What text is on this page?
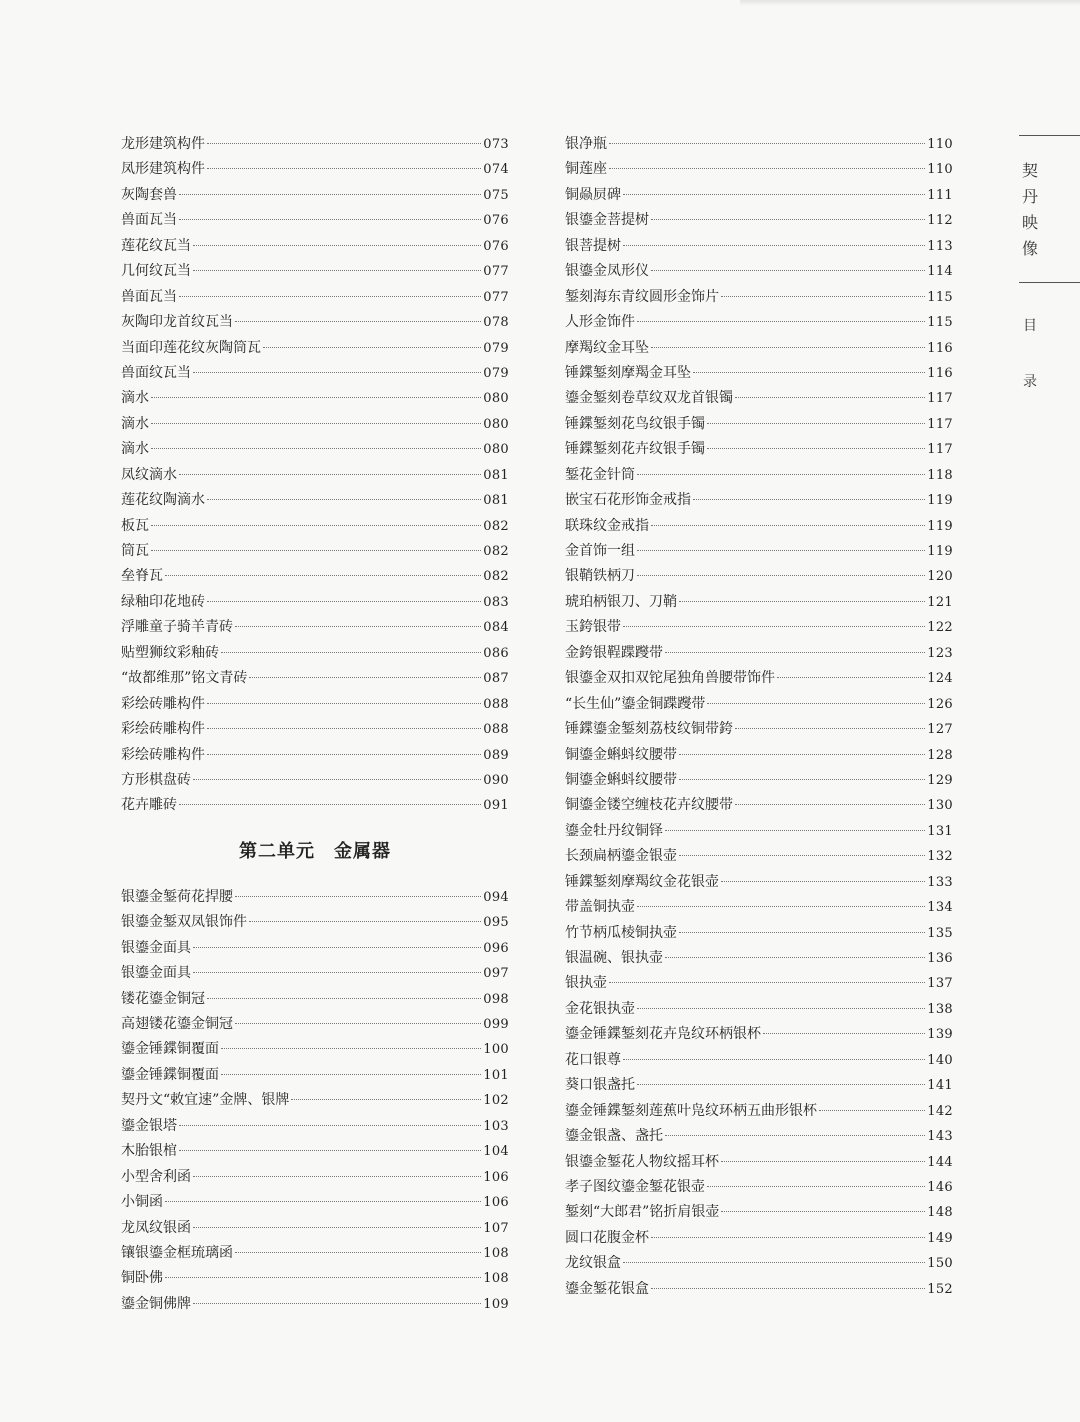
龙形建筑构件	073
凤形建筑构件	074
灰陶套兽	075
兽面瓦当	076
莲花纹瓦当	076
几何纹瓦当	077
兽面瓦当	077
灰陶印龙首纹瓦当	078
当面印莲花纹灰陶筒瓦	079
兽面纹瓦当	079
滴水	080
滴水	080
滴水	080
凤纹滴水	081
莲花纹陶滴水	081
板瓦	082
筒瓦	082
垒脊瓦	082
绿釉印花地砖	083
浮雕童子骑羊青砖	084
贴塑狮纹彩釉砖	086
“故都维那”铭文青砖	087
彩绘砖雕构件	088
彩绘砖雕构件	088
彩绘砖雕构件	089
方形棋盘砖	090
花卉雕砖	091
第二单元　金属器
银鎏金錾荷花捍腰	094
银鎏金錾双凤银饰件	095
银鎏金面具	096
银鎏金面具	097
镂花鎏金铜冠	098
高翅镂花鎏金铜冠	099
鎏金锤鍱铜覆面	100
鎏金锤鍱铜覆面	101
契丹文“敕宜速”金牌、银牌	102
鎏金银塔	103
木胎银棺	104
小型舍利函	106
小铜函	106
龙凤纹银函	107
镶银鎏金框琉璃函	108
铜卧佛	108
鎏金铜佛牌	109
银净瓶	110
铜莲座	110
铜赑屃碑	111
银鎏金菩提树	112
银菩提树	113
银鎏金凤形仪	114
錾刻海东青纹圆形金饰片	115
人形金饰件	115
摩羯纹金耳坠	116
锤鍱錾刻摩羯金耳坠	116
鎏金錾刻卷草纹双龙首银镯	117
锤鍱錾刻花鸟纹银手镯	117
锤鍱錾刻花卉纹银手镯	117
錾花金针筒	118
嵌宝石花形饰金戒指	119
联珠纹金戒指	119
金首饰一组	119
银鞘铁柄刀	120
琥珀柄银刀、刀鞘	121
玉銙银带	122
金銙银鞓蹀躞带	123
银鎏金双扣双铊尾独角兽腰带饰件	124
“长生仙”鎏金铜蹀躞带	126
锤鍱鎏金錾刻荔枝纹铜带銙	127
铜鎏金蝌蚪纹腰带	128
铜鎏金蝌蚪纹腰带	129
铜鎏金镂空缠枝花卉纹腰带	130
鎏金牡丹纹铜铎	131
长颈扁柄鎏金银壶	132
锤鍱錾刻摩羯纹金花银壶	133
带盖铜执壶	134
竹节柄瓜棱铜执壶	135
银温碗、银执壶	136
银执壶	137
金花银执壶	138
鎏金锤鍱錾刻花卉凫纹环柄银杯	139
花口银尊	140
葵口银盏托	141
鎏金锤鍱錾刻莲蕉叶凫纹环柄五曲形银杯	142
鎏金银盏、盏托	143
银鎏金錾花人物纹摇耳杯	144
孝子图纹鎏金錾花银壶	146
錾刻“大郎君”铭折肩银壶	148
圆口花腹金杯	149
龙纹银盒	150
鎏金錾花银盒	152
契丹映像
目
录
